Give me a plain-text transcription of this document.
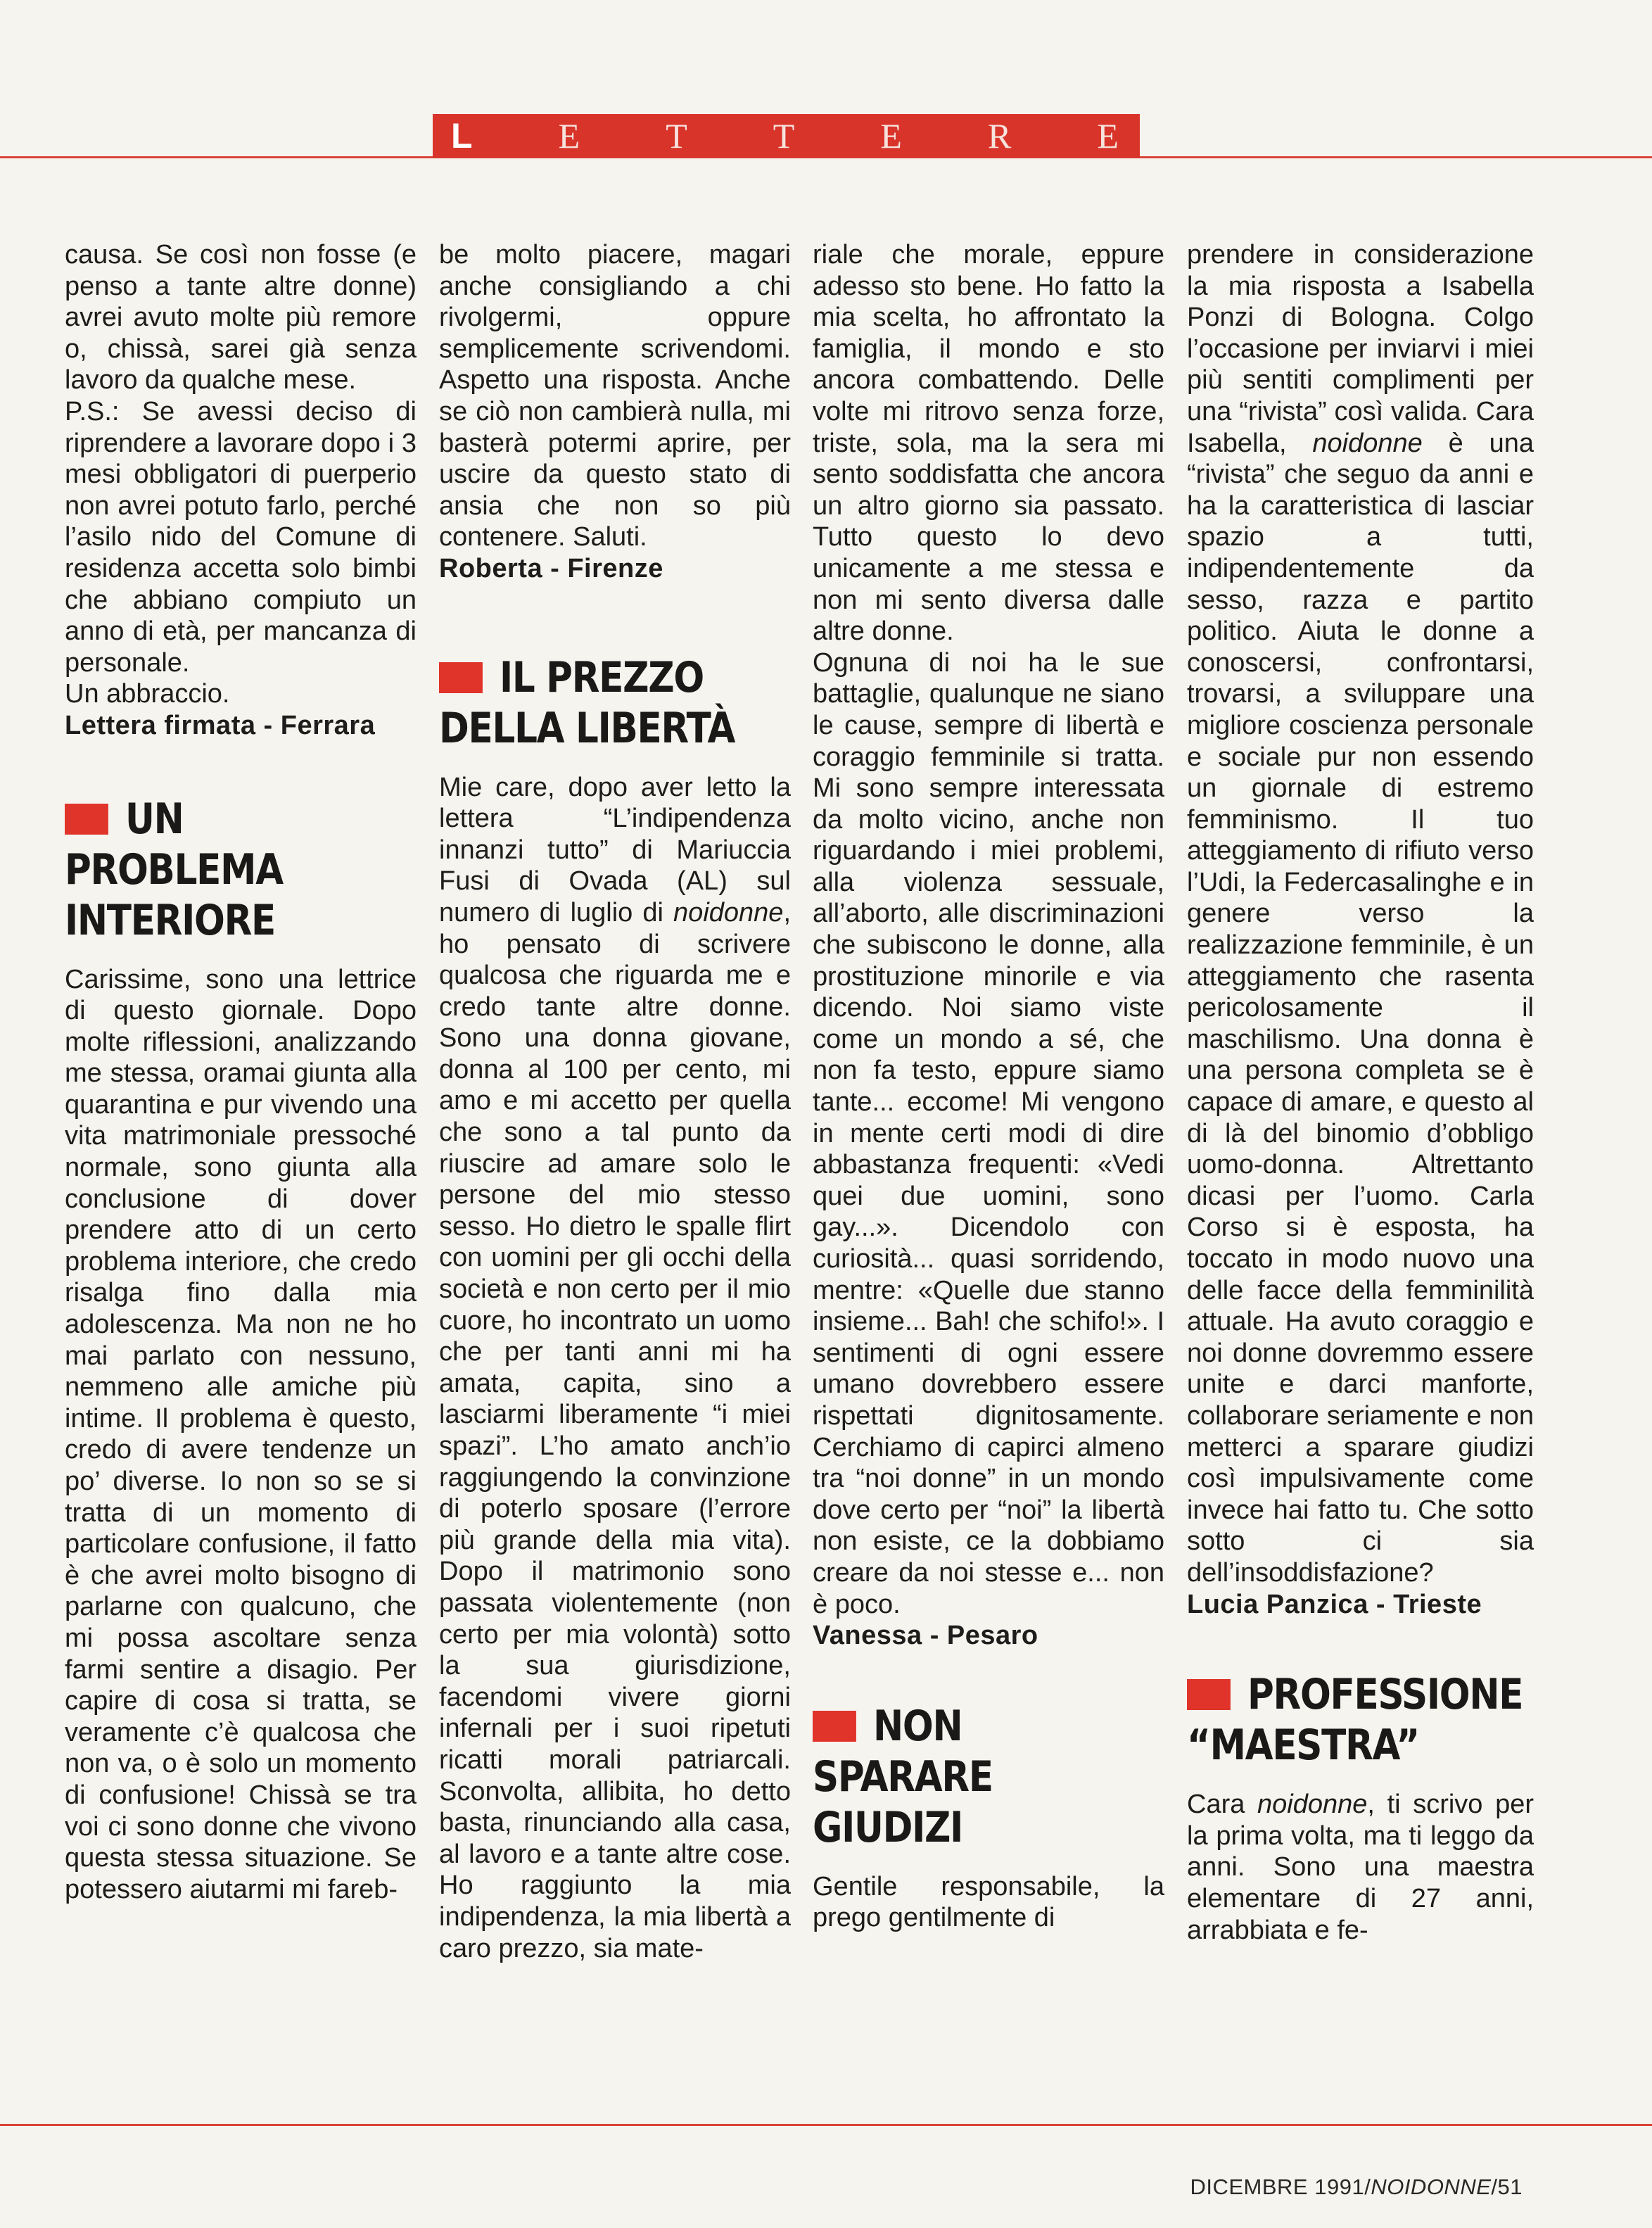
L E T T E R E

causa. Se così non fosse (e penso a tante altre donne) avrei avuto molte più remore o, chissà, sarei già senza lavoro da qualche mese.

P.S.: Se avessi deciso di riprendere a lavorare dopo i 3 mesi obbligatori di puerperio non avrei potuto farlo, perché l’asilo nido del Comune di residenza accetta solo bimbi che abbiano compiuto un anno di età, per mancanza di personale.

Un abbraccio.

Lettera firmata - Ferrara

UN
PROBLEMA
INTERIORE

Carissime, sono una lettrice di questo giornale. Dopo molte riflessioni, analizzando me stessa, oramai giunta alla quarantina e pur vivendo una vita matrimoniale pressoché normale, sono giunta alla conclusione di dover prendere atto di un certo problema interiore, che credo risalga fino dalla mia adolescenza. Ma non ne ho mai parlato con nessuno, nemmeno alle amiche più intime. Il problema è questo, credo di avere tendenze un po’ diverse. Io non so se si tratta di un momento di particolare confusione, il fatto è che avrei molto bisogno di parlarne con qualcuno, che mi possa ascoltare senza farmi sentire a disagio. Per capire di cosa si tratta, se veramente c’è qualcosa che non va, o è solo un momento di confusione! Chissà se tra voi ci sono donne che vivono questa stessa situazione. Se potessero aiutarmi mi fareb-

be molto piacere, magari anche consigliando a chi rivolgermi, oppure semplicemente scrivendomi. Aspetto una risposta. Anche se ciò non cambierà nulla, mi basterà potermi aprire, per uscire da questo stato di ansia che non so più contenere. Saluti.

Roberta - Firenze

IL PREZZO
DELLA LIBERTÀ

Mie care, dopo aver letto la lettera “L’indipendenza innanzi tutto” di Mariuccia Fusi di Ovada (AL) sul numero di luglio di noidonne, ho pensato di scrivere qualcosa che riguarda me e credo tante altre donne. Sono una donna giovane, donna al 100 per cento, mi amo e mi accetto per quella che sono a tal punto da riuscire ad amare solo le persone del mio stesso sesso. Ho dietro le spalle flirt con uomini per gli occhi della società e non certo per il mio cuore, ho incontrato un uomo che per tanti anni mi ha amata, capita, sino a lasciarmi liberamente “i miei spazi”. L’ho amato anch’io raggiungendo la convinzione di poterlo sposare (l’errore più grande della mia vita). Dopo il matrimonio sono passata violentemente (non certo per mia volontà) sotto la sua giurisdizione, facendomi vivere giorni infernali per i suoi ripetuti ricatti morali patriarcali. Sconvolta, allibita, ho detto basta, rinunciando alla casa, al lavoro e a tante altre cose. Ho raggiunto la mia indipendenza, la mia libertà a caro prezzo, sia mate-

riale che morale, eppure adesso sto bene. Ho fatto la mia scelta, ho affrontato la famiglia, il mondo e sto ancora combattendo. Delle volte mi ritrovo senza forze, triste, sola, ma la sera mi sento soddisfatta che ancora un altro giorno sia passato. Tutto questo lo devo unicamente a me stessa e non mi sento diversa dalle altre donne.

Ognuna di noi ha le sue battaglie, qualunque ne siano le cause, sempre di libertà e coraggio femminile si tratta. Mi sono sempre interessata da molto vicino, anche non riguardando i miei problemi, alla violenza sessuale, all’aborto, alle discriminazioni che subiscono le donne, alla prostituzione minorile e via dicendo. Noi siamo viste come un mondo a sé, che non fa testo, eppure siamo tante... eccome! Mi vengono in mente certi modi di dire abbastanza frequenti: «Vedi quei due uomini, sono gay...». Dicendolo con curiosità... quasi sorridendo, mentre: «Quelle due stanno insieme... Bah! che schifo!». I sentimenti di ogni essere umano dovrebbero essere rispettati dignitosamente. Cerchiamo di capirci almeno tra “noi donne” in un mondo dove certo per “noi” la libertà non esiste, ce la dobbiamo creare da noi stesse e... non è poco.

Vanessa - Pesaro

NON
SPARARE
GIUDIZI

Gentile responsabile, la prego gentilmente di

prendere in considerazione la mia risposta a Isabella Ponzi di Bologna. Colgo l’occasione per inviarvi i miei più sentiti complimenti per una “rivista” così valida. Cara Isabella, noidonne è una “rivista” che seguo da anni e ha la caratteristica di lasciar spazio a tutti, indipendentemente da sesso, razza e partito politico. Aiuta le donne a conoscersi, confrontarsi, trovarsi, a sviluppare una migliore coscienza personale e sociale pur non essendo un giornale di estremo femminismo. Il tuo atteggiamento di rifiuto verso l’Udi, la Federcasalinghe e in genere verso la realizzazione femminile, è un atteggiamento che rasenta pericolosamente il maschilismo. Una donna è una persona completa se è capace di amare, e questo al di là del binomio d’obbligo uomo-donna. Altrettanto dicasi per l’uomo. Carla Corso si è esposta, ha toccato in modo nuovo una delle facce della femminilità attuale. Ha avuto coraggio e noi donne dovremmo essere unite e darci manforte, collaborare seriamente e non metterci a sparare giudizi così impulsivamente come invece hai fatto tu. Che sotto sotto ci sia dell’insoddisfazione?

Lucia Panzica - Trieste

PROFESSIONE
“MAESTRA”

Cara noidonne, ti scrivo per la prima volta, ma ti leggo da anni. Sono una maestra elementare di 27 anni, arrabbiata e fe-

DICEMBRE 1991/NOIDONNE/51
